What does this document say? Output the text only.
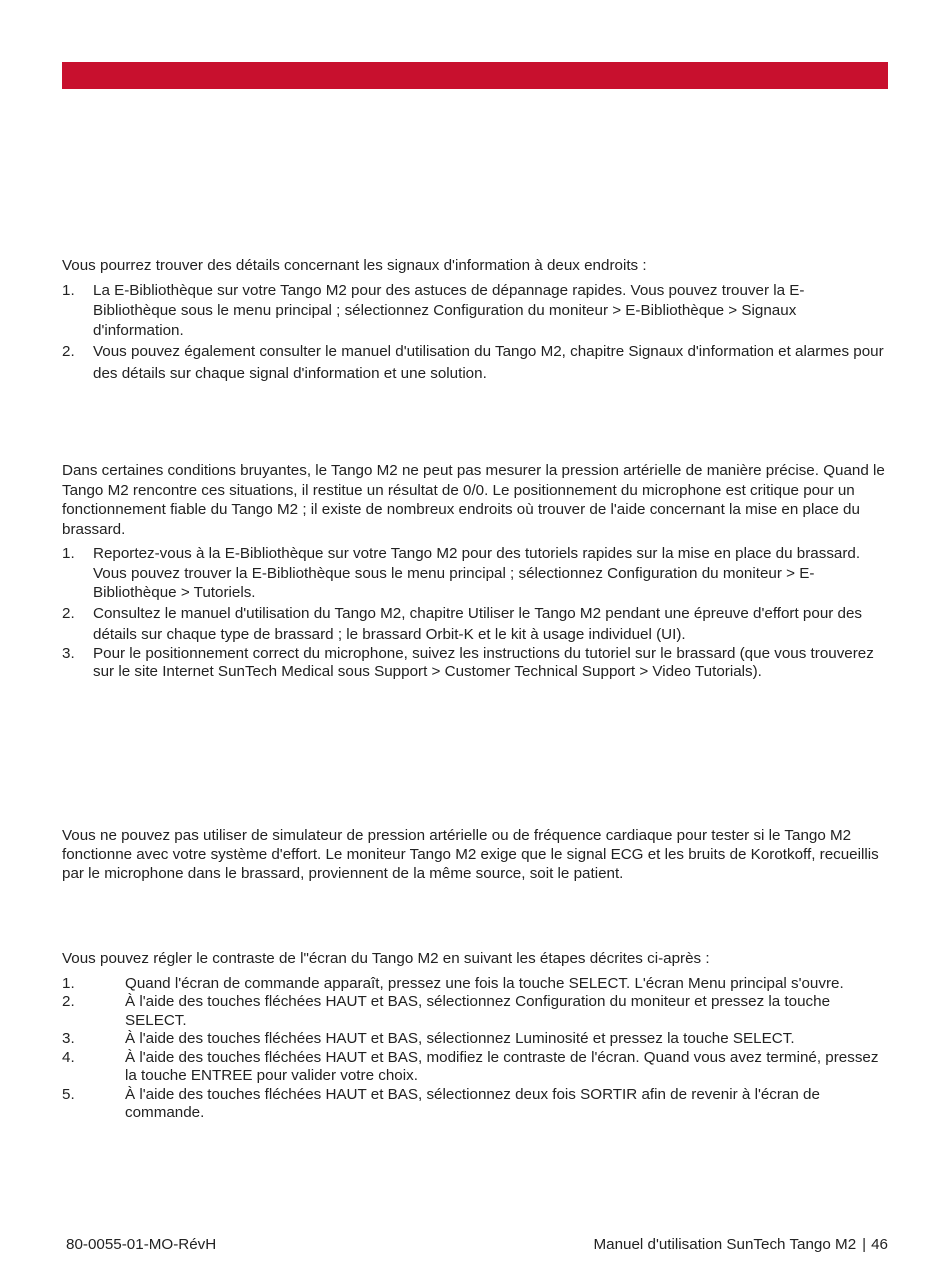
Vous pourrez trouver des détails concernant les signaux d'information à deux endroits :

1. La E-Bibliothèque sur votre Tango M2 pour des astuces de dépannage rapides. Vous pouvez trouver la E-Bibliothèque sous le menu principal ; sélectionnez Configuration du moniteur > E-Bibliothèque > Signaux d'information.

2. Vous pouvez également consulter le manuel d'utilisation du Tango M2, chapitre Signaux d'information et alarmes pour des détails sur chaque signal d'information et une solution.

Dans certaines conditions bruyantes, le Tango M2 ne peut pas mesurer la pression artérielle de manière précise. Quand le Tango M2 rencontre ces situations, il restitue un résultat de 0/0. Le positionnement du microphone est critique pour un fonctionnement fiable du Tango M2 ; il existe de nombreux endroits où trouver de l'aide concernant la mise en place du brassard.

1. Reportez-vous à la E-Bibliothèque sur votre Tango M2 pour des tutoriels rapides sur la mise en place du brassard. Vous pouvez trouver la E-Bibliothèque sous le menu principal ; sélectionnez Configuration du moniteur > E-Bibliothèque > Tutoriels.

2. Consultez le manuel d'utilisation du Tango M2, chapitre Utiliser le Tango M2 pendant une épreuve d'effort pour des détails sur chaque type de brassard ; le brassard Orbit-K et le kit à usage individuel (UI).

3. Pour le positionnement correct du microphone, suivez les instructions du tutoriel sur le brassard (que vous trouverez sur le site Internet SunTech Medical sous Support > Customer Technical Support > Video Tutorials).

Vous ne pouvez pas utiliser de simulateur de pression artérielle ou de fréquence cardiaque pour tester si le Tango M2 fonctionne avec votre système d'effort. Le moniteur Tango M2 exige que le signal ECG et les bruits de Korotkoff, recueillis par le microphone dans le brassard, proviennent de la même source, soit le patient.

Vous pouvez régler le contraste de l"écran du Tango M2 en suivant les étapes décrites ci-après :

1.	Quand l'écran de commande apparaît, pressez une fois la touche SELECT. L'écran Menu principal s'ouvre.

2.	À l'aide des touches fléchées HAUT et BAS, sélectionnez Configuration du moniteur et pressez la touche SELECT.

3.	À l'aide des touches fléchées HAUT et BAS, sélectionnez Luminosité et pressez la touche SELECT.

4.	À l'aide des touches fléchées HAUT et BAS, modifiez le contraste de l'écran. Quand vous avez terminé, pressez la touche ENTREE pour valider votre choix.

5.	À l'aide des touches fléchées HAUT et BAS, sélectionnez deux fois SORTIR afin de revenir à l'écran de commande.

80-0055-01-MO-RévH	Manuel d'utilisation SunTech Tango M2 | 46
